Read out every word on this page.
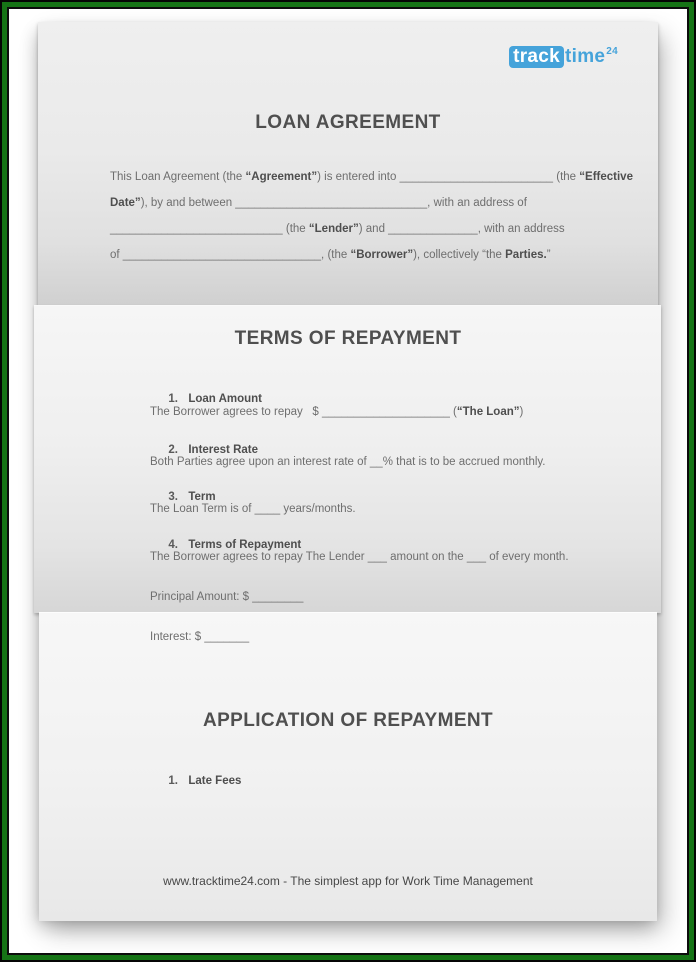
track time$^{24}$
LOAN AGREEMENT
This Loan Agreement (the “Agreement”) is entered into ________________________ (the “Effective
Date”), by and between ______________________________, with an address of
___________________________ (the “Lender”) and ______________, with an address
of _______________________________, (the “Borrower”), collectively “the Parties.”
TERMS OF REPAYMENT

1. Loan Amount

The Borrower agrees to repay   $ ____________________ (“The Loan”)

2. Interest Rate

Both Parties agree upon an interest rate of __% that is to be accrued monthly.

3. Term

The Loan Term is of ____ years/months.

4. Terms of Repayment

The Borrower agrees to repay The Lender ___ amount on the ___ of every month.
Principal Amount: $ ________
Interest: $ _______
APPLICATION OF REPAYMENT

1. Late Fees

www.tracktime24.com - The simplest app for Work Time Management
